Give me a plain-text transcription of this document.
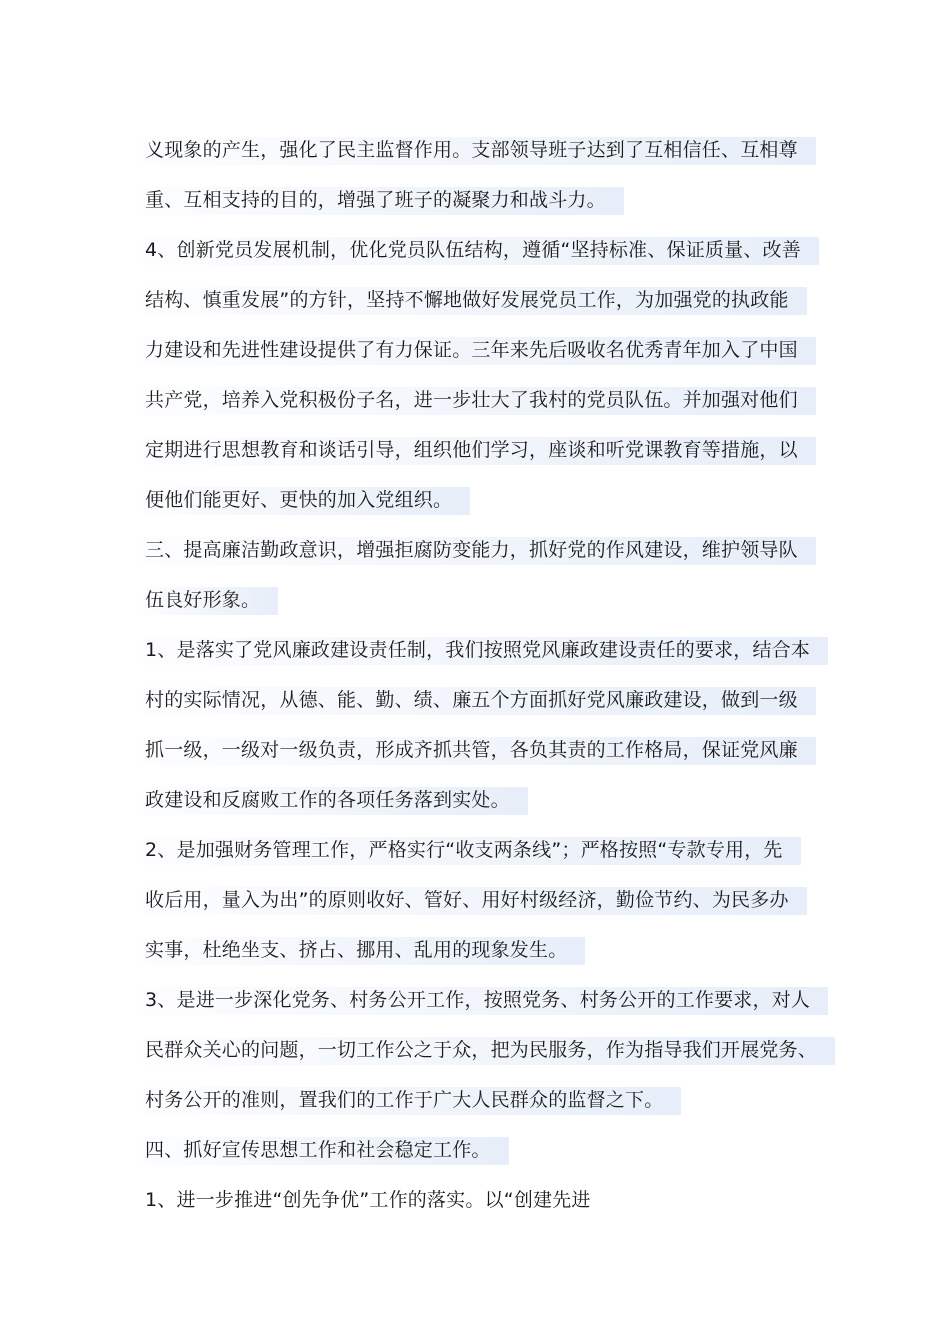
义现象的产生，强化了民主监督作用。支部领导班子达到了互相信任、互相尊
重、互相支持的目的，增强了班子的凝聚力和战斗力。
4、创新党员发展机制，优化党员队伍结构，遵循“坚持标准、保证质量、改善
结构、慎重发展”的方针，坚持不懈地做好发展党员工作，为加强党的执政能
力建设和先进性建设提供了有力保证。三年来先后吸收名优秀青年加入了中国
共产党，培养入党积极份子名，进一步壮大了我村的党员队伍。并加强对他们
定期进行思想教育和谈话引导，组织他们学习，座谈和听党课教育等措施，以
便他们能更好、更快的加入党组织。
三、提高廉洁勤政意识，增强拒腐防变能力，抓好党的作风建设，维护领导队
伍良好形象。
1、是落实了党风廉政建设责任制，我们按照党风廉政建设责任的要求，结合本
村的实际情况，从德、能、勤、绩、廉五个方面抓好党风廉政建设，做到一级
抓一级，一级对一级负责，形成齐抓共管，各负其责的工作格局，保证党风廉
政建设和反腐败工作的各项任务落到实处。
2、是加强财务管理工作，严格实行“收支两条线”；严格按照“专款专用，先
收后用，量入为出”的原则收好、管好、用好村级经济，勤俭节约、为民多办
实事，杜绝坐支、挤占、挪用、乱用的现象发生。
3、是进一步深化党务、村务公开工作，按照党务、村务公开的工作要求，对人
民群众关心的问题，一切工作公之于众，把为民服务，作为指导我们开展党务、
村务公开的准则，置我们的工作于广大人民群众的监督之下。
四、抓好宣传思想工作和社会稳定工作。
1、进一步推进“创先争优”工作的落实。以“创建先进
